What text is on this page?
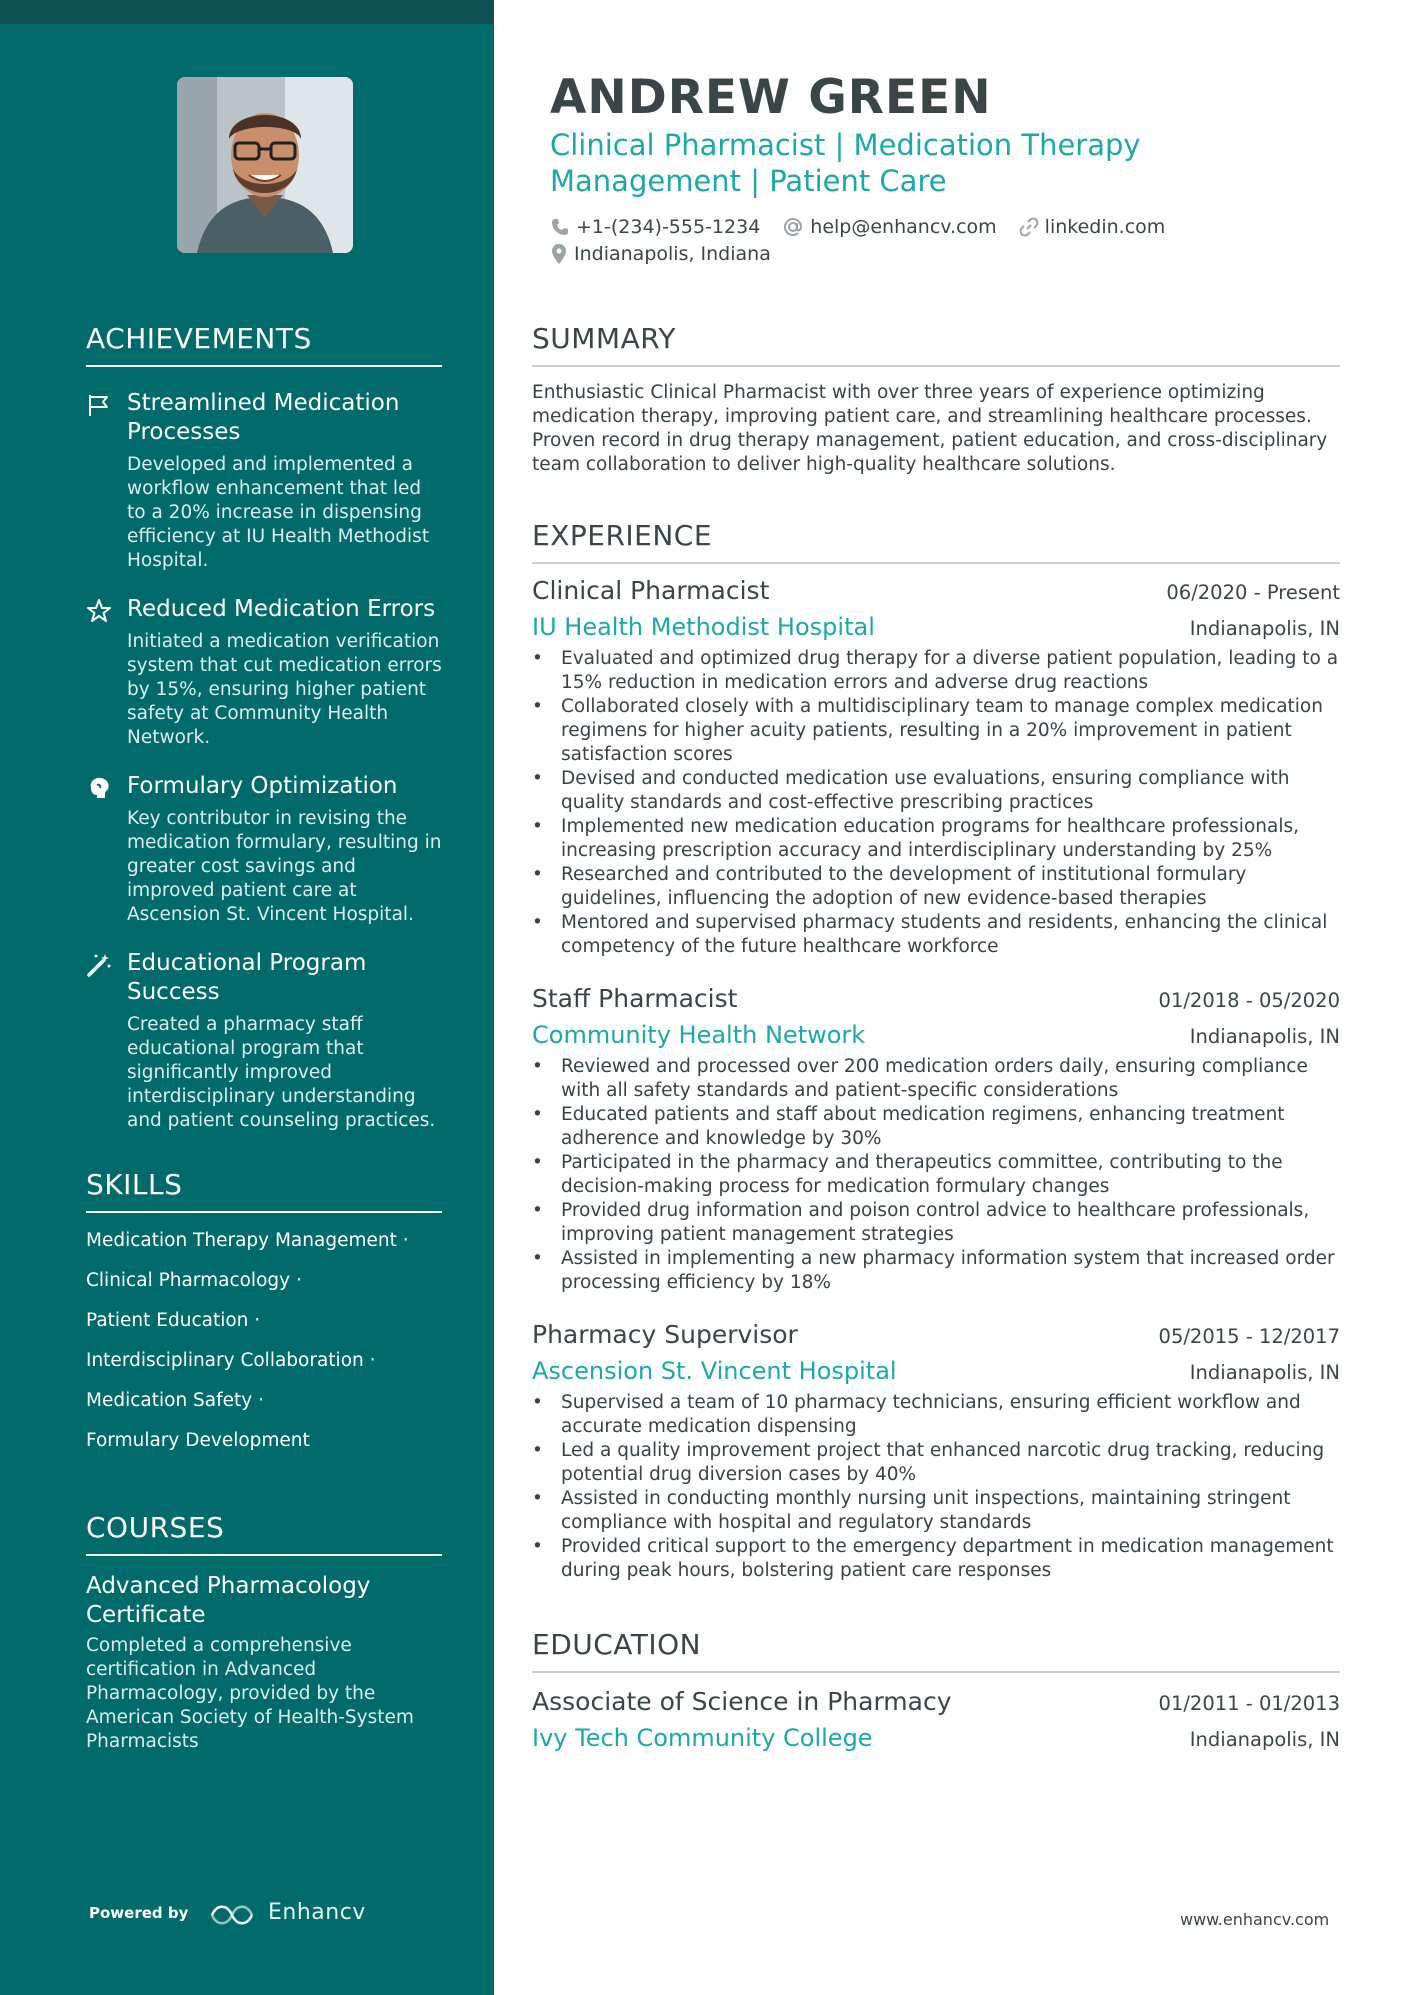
ACHIEVEMENTS
Streamlined Medication Processes
Developed and implemented a workflow enhancement that led to a 20% increase in dispensing efficiency at IU Health Methodist Hospital.
Reduced Medication Errors
Initiated a medication verification system that cut medication errors by 15%, ensuring higher patient safety at Community Health Network.
Formulary Optimization
Key contributor in revising the medication formulary, resulting in greater cost savings and improved patient care at Ascension St. Vincent Hospital.
Educational Program Success
Created a pharmacy staff educational program that significantly improved interdisciplinary understanding and patient counseling practices.
SKILLS
Medication Therapy Management ·
Clinical Pharmacology ·
Patient Education ·
Interdisciplinary Collaboration ·
Medication Safety ·
Formulary Development
COURSES
Advanced Pharmacology Certificate
Completed a comprehensive certification in Advanced Pharmacology, provided by the American Society of Health-System Pharmacists
Powered by	Enhancv
ANDREW GREEN
Clinical Pharmacist | Medication Therapy Management | Patient Care
+1-(234)-555-1234	help@enhancv.com	linkedin.com
Indianapolis, Indiana
SUMMARY
Enthusiastic Clinical Pharmacist with over three years of experience optimizing medication therapy, improving patient care, and streamlining healthcare processes. Proven record in drug therapy management, patient education, and cross-disciplinary team collaboration to deliver high-quality healthcare solutions.
EXPERIENCE
Clinical Pharmacist	06/2020 - Present
IU Health Methodist Hospital	Indianapolis, IN
• Evaluated and optimized drug therapy for a diverse patient population, leading to a 15% reduction in medication errors and adverse drug reactions
• Collaborated closely with a multidisciplinary team to manage complex medication regimens for higher acuity patients, resulting in a 20% improvement in patient satisfaction scores
• Devised and conducted medication use evaluations, ensuring compliance with quality standards and cost-effective prescribing practices
• Implemented new medication education programs for healthcare professionals, increasing prescription accuracy and interdisciplinary understanding by 25%
• Researched and contributed to the development of institutional formulary guidelines, influencing the adoption of new evidence-based therapies
• Mentored and supervised pharmacy students and residents, enhancing the clinical competency of the future healthcare workforce
Staff Pharmacist	01/2018 - 05/2020
Community Health Network	Indianapolis, IN
• Reviewed and processed over 200 medication orders daily, ensuring compliance with all safety standards and patient-specific considerations
• Educated patients and staff about medication regimens, enhancing treatment adherence and knowledge by 30%
• Participated in the pharmacy and therapeutics committee, contributing to the decision-making process for medication formulary changes
• Provided drug information and poison control advice to healthcare professionals, improving patient management strategies
• Assisted in implementing a new pharmacy information system that increased order processing efficiency by 18%
Pharmacy Supervisor	05/2015 - 12/2017
Ascension St. Vincent Hospital	Indianapolis, IN
• Supervised a team of 10 pharmacy technicians, ensuring efficient workflow and accurate medication dispensing
• Led a quality improvement project that enhanced narcotic drug tracking, reducing potential drug diversion cases by 40%
• Assisted in conducting monthly nursing unit inspections, maintaining stringent compliance with hospital and regulatory standards
• Provided critical support to the emergency department in medication management during peak hours, bolstering patient care responses
EDUCATION
Associate of Science in Pharmacy	01/2011 - 01/2013
Ivy Tech Community College	Indianapolis, IN
www.enhancv.com
